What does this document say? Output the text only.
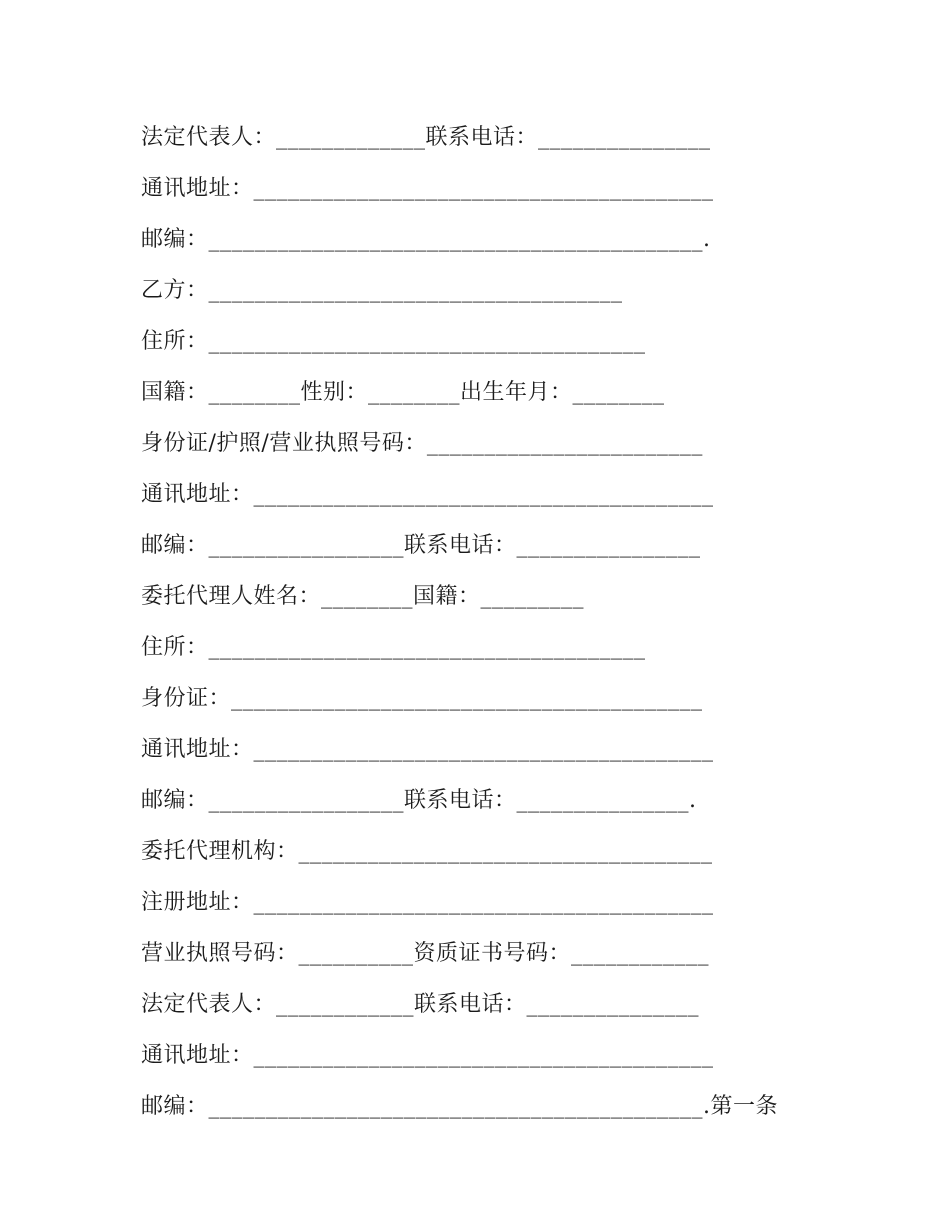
法定代表人：_____________联系电话：_______________
通讯地址：________________________________________
邮编：___________________________________________.
乙方：____________________________________
住所：______________________________________
国籍：________性别：________出生年月：________
身份证/护照/营业执照号码：________________________
通讯地址：________________________________________
邮编：_________________联系电话：________________
委托代理人姓名：________国籍：_________
住所：______________________________________
身份证：_________________________________________
通讯地址：________________________________________
邮编：_________________联系电话：_______________.
委托代理机构：____________________________________
注册地址：________________________________________
营业执照号码：__________资质证书号码：____________
法定代表人：____________联系电话：_______________
通讯地址：________________________________________
邮编：___________________________________________.第一条
